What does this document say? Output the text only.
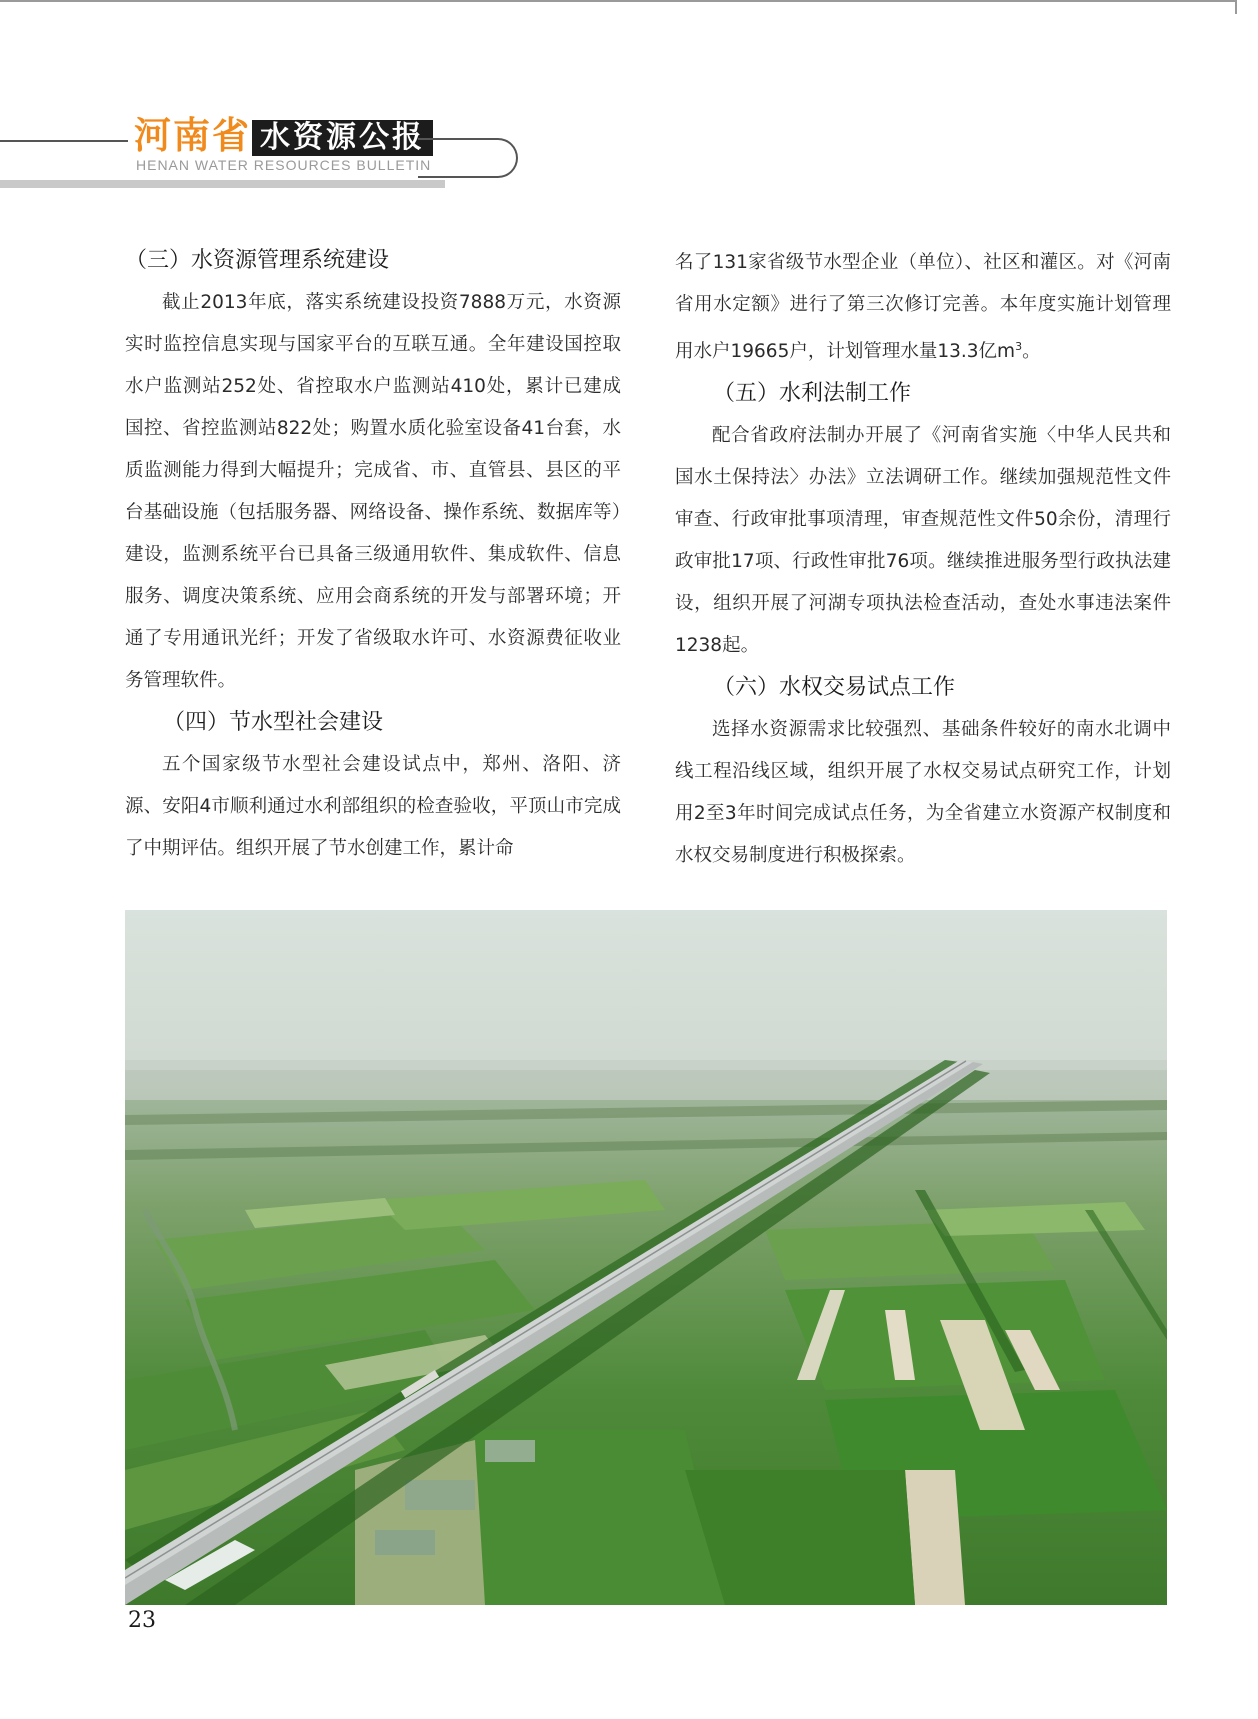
河南省 水资源公报
HENAN WATER RESOURCES BULLETIN
（三）水资源管理系统建设

截止2013年底，落实系统建设投资7888万元，水资源实时监控信息实现与国家平台的互联互通。全年建设国控取水户监测站252处、省控取水户监测站410处，累计已建成国控、省控监测站822处；购置水质化验室设备41台套，水质监测能力得到大幅提升；完成省、市、直管县、县区的平台基础设施（包括服务器、网络设备、操作系统、数据库等）建设，监测系统平台已具备三级通用软件、集成软件、信息服务、调度决策系统、应用会商系统的开发与部署环境；开通了专用通讯光纤；开发了省级取水许可、水资源费征收业务管理软件。

（四）节水型社会建设

五个国家级节水型社会建设试点中，郑州、洛阳、济源、安阳4市顺利通过水利部组织的检查验收，平顶山市完成了中期评估。组织开展了节水创建工作，累计命

名了131家省级节水型企业（单位）、社区和灌区。对《河南省用水定额》进行了第三次修订完善。本年度实施计划管理用水户19665户，计划管理水量13.3亿$m^3$。

（五）水利法制工作

配合省政府法制办开展了《河南省实施〈中华人民共和国水土保持法〉办法》立法调研工作。继续加强规范性文件审查、行政审批事项清理，审查规范性文件50余份，清理行政审批17项、行政性审批76项。继续推进服务型行政执法建设，组织开展了河湖专项执法检查活动，查处水事违法案件1238起。

（六）水权交易试点工作

选择水资源需求比较强烈、基础条件较好的南水北调中线工程沿线区域，组织开展了水权交易试点研究工作，计划用2至3年时间完成试点任务，为全省建立水资源产权制度和水权交易制度进行积极探索。

23
